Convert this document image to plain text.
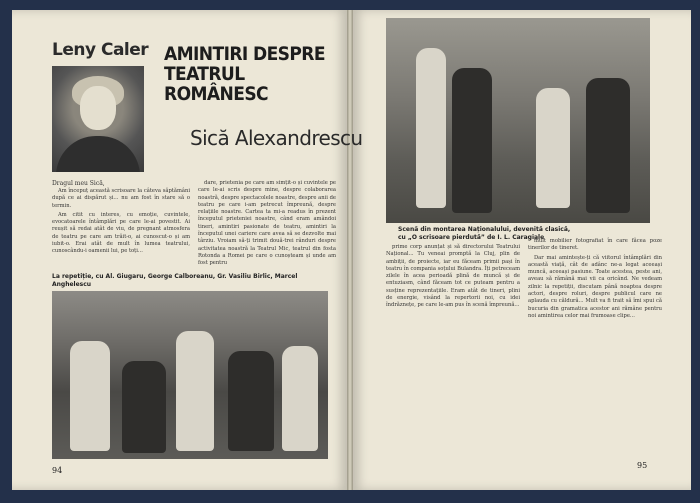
Leny Caler AMINTIRI DESPRE
TEATRUL ROMÂNESC
Sică Alexandrescu
Dragul meu Sică,

Am începuț această scrisoare la câteva săptămâni după ce ai dispărut și... nu am fost în stare să o termin.

Am citit cu interes, cu emoție, cuvintele, evocatoarele întâmplări pe care le-ai povestit. Ai reușit să redai atât de viu, de pregnant atmosfera de teatru pe care am trăit-o, ai cunoscut-o și am iubit-o. Erai atât de mult în lumea teatrului, cunoscându-i oamenii lui, pe toți...

dare, prietenia pe care am simțit-o și cuvintele pe care le-ai scris despre mine, despre colaborarea noastră, despre spectacolele noastre, despre anii de teatru pe care i-am petrecut împreună, despre relațiile noastre. Cartea ta mi-a readus în prezent începutul prieteniei noastre, când eram amândoi tineri, amintiri pasionate de teatru, amintiri la începutul unei cariere care avea să se dezvolte mai târziu. Vroiam să-ți trimit două-trei rânduri despre activitatea noastră la Teatrul Mic, teatrul din fosta Rotonda a Romei pe care o cunoșteam și unde am fost pentru

La repetiție, cu Al. Giugaru, George Calboreanu, Gr. Vasiliu Birlic, Marcel Anghelescu
94
Scenă din montarea Naționalului, devenită clasică, cu „O scrisoare pierdută” de I. L. Caragiale

prime corp anunțat și să directorului Teatrului Național... Tu veneai promptă la Cluj, plin de ambiții, de proiecte, iar eu făceam primii pași în teatru în compania soțului Bulandra. Îți petreceam zilele în acea perioadă plină de muncă și de entuziasm, când făceam tot ce puteam pentru a susține reprezentațiile. Eram atât de tineri, plini de energie, visând la repertorii noi, cu idei îndrăznețe, pe care le-am pus în scenă împreună...

mult mobilier fotografiat în care făcea poze tinerilor de tineret.

Dar mai amintește-ți că viitorul întâmplări din această viață, cât de adânc ne-a legat aceeași muncă, aceeași pasiune. Toate acestea, peste ani, aveau să rămână mai vii ca oricând. Ne vedeam zilnic la repetiții, discutam până noaptea despre actori, despre roluri, despre publicul care ne aplauda cu căldură... Mult va fi trait să îmi spui că bucuria din gramatica acestor ani rămâne pentru noi amintirea celor mai frumoase clipe...

95
